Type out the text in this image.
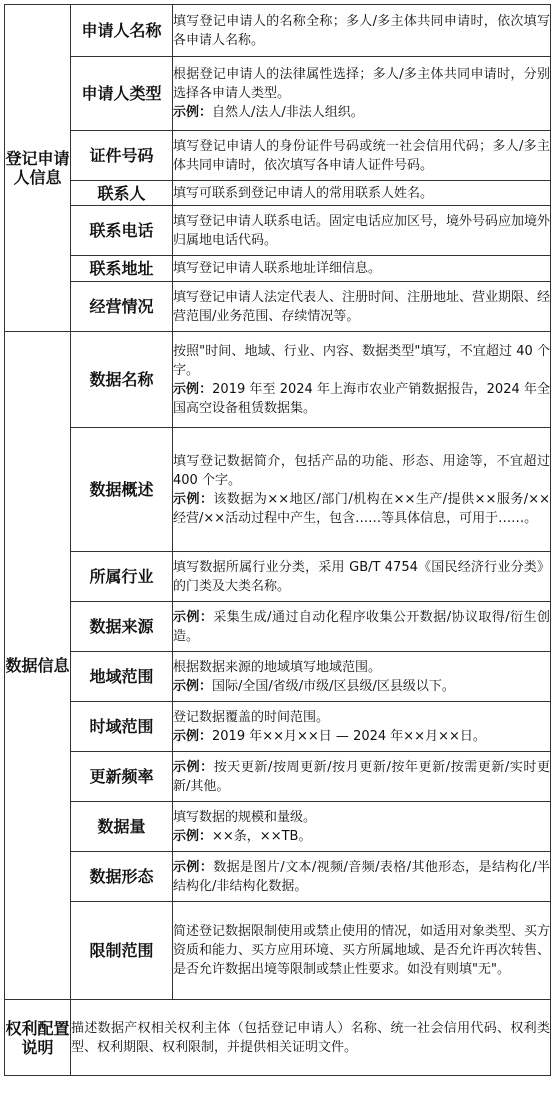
登记申请人信息	申请人名称	填写登记申请人的名称全称；多人/多主体共同申请时，依次填写各申请人名称。

	申请人类型	根据登记申请人的法律属性选择；多人/多主体共同申请时，分别选择各申请人类型。
示例：自然人/法人/非法人组织。

	证件号码	填写登记申请人的身份证件号码或统一社会信用代码；多人/多主体共同申请时，依次填写各申请人证件号码。

	联系人	填写可联系到登记申请人的常用联系人姓名。

	联系电话	填写登记申请人联系电话。固定电话应加区号，境外号码应加境外归属地电话代码。

	联系地址	填写登记申请人联系地址详细信息。

	经营情况	填写登记申请人法定代表人、注册时间、注册地址、营业期限、经营范围/业务范围、存续情况等。

数据信息	数据名称	按照"时间、地域、行业、内容、数据类型"填写，不宜超过 40 个字。
示例：2019 年至 2024 年上海市农业产销数据报告，2024 年全国高空设备租赁数据集。

	数据概述	填写登记数据简介，包括产品的功能、形态、用途等，不宜超过 400 个字。
示例：该数据为××地区/部门/机构在××生产/提供××服务/××经营/××活动过程中产生，包含……等具体信息，可用于……。

	所属行业	填写数据所属行业分类，采用 GB/T 4754《国民经济行业分类》的门类及大类名称。

	数据来源	示例：采集生成/通过自动化程序收集公开数据/协议取得/衍生创造。

	地域范围	根据数据来源的地域填写地域范围。
示例：国际/全国/省级/市级/区县级/区县级以下。

	时域范围	登记数据覆盖的时间范围。
示例：2019 年××月××日 — 2024 年××月××日。

	更新频率	示例：按天更新/按周更新/按月更新/按年更新/按需更新/实时更新/其他。

	数据量	填写数据的规模和量级。
示例：××条，××TB。

	数据形态	示例：数据是图片/文本/视频/音频/表格/其他形态，是结构化/半结构化/非结构化数据。

	限制范围	简述登记数据限制使用或禁止使用的情况，如适用对象类型、买方资质和能力、买方应用环境、买方所属地域、是否允许再次转售、是否允许数据出境等限制或禁止性要求。如没有则填"无"。

权利配置说明	描述数据产权相关权利主体（包括登记申请人）名称、统一社会信用代码、权利类型、权利期限、权利限制，并提供相关证明文件。	
